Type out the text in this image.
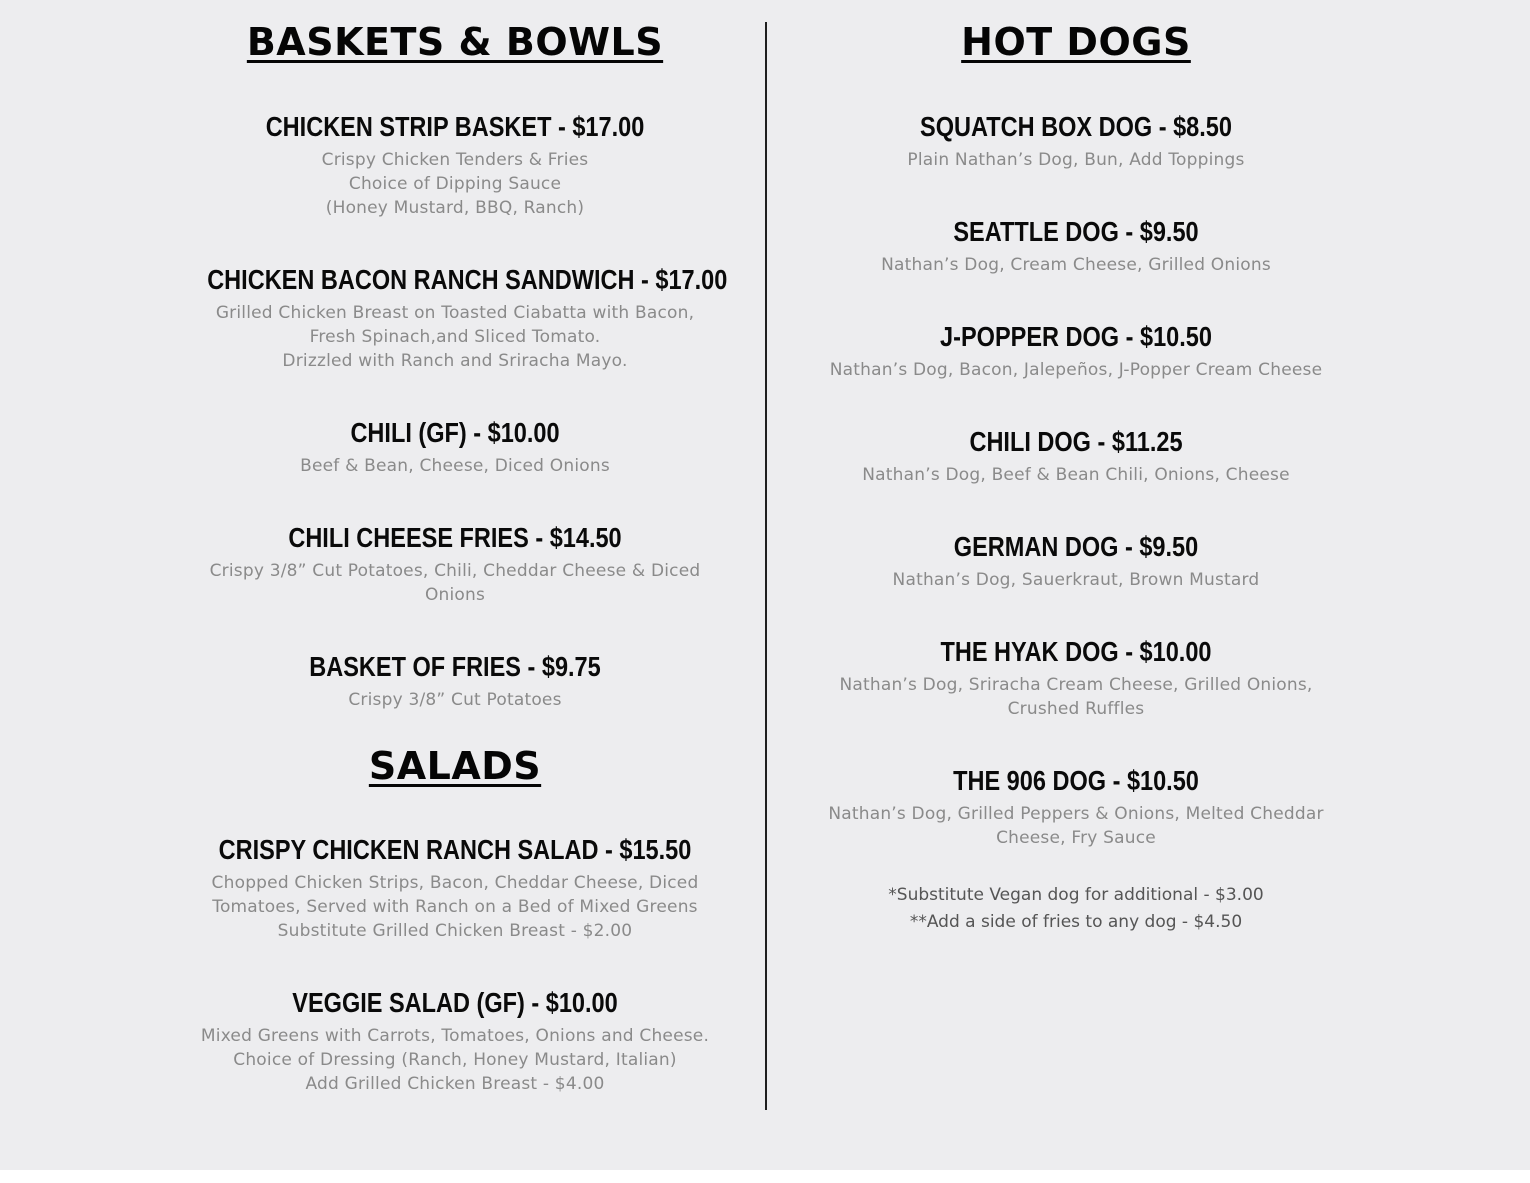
BASKETS & BOWLS

CHICKEN STRIP BASKET - $17.00

Crispy Chicken Tenders & Fries
Choice of Dipping Sauce
(Honey Mustard, BBQ, Ranch)

CHICKEN BACON RANCH SANDWICH - $17.00

Grilled Chicken Breast on Toasted Ciabatta with Bacon,
Fresh Spinach,and Sliced Tomato.
Drizzled with Ranch and Sriracha Mayo.

CHILI (GF) - $10.00

Beef & Bean, Cheese, Diced Onions

CHILI CHEESE FRIES - $14.50

Crispy 3/8” Cut Potatoes, Chili, Cheddar Cheese & Diced
Onions

BASKET OF FRIES - $9.75

Crispy 3/8” Cut Potatoes

SALADS

CRISPY CHICKEN RANCH SALAD - $15.50

Chopped Chicken Strips, Bacon, Cheddar Cheese, Diced
Tomatoes, Served with Ranch on a Bed of Mixed Greens
Substitute Grilled Chicken Breast - $2.00

VEGGIE SALAD (GF) - $10.00

Mixed Greens with Carrots, Tomatoes, Onions and Cheese.
Choice of Dressing (Ranch, Honey Mustard, Italian)
Add Grilled Chicken Breast - $4.00

HOT DOGS

SQUATCH BOX DOG - $8.50

Plain Nathan’s Dog, Bun, Add Toppings

SEATTLE DOG - $9.50

Nathan’s Dog, Cream Cheese, Grilled Onions

J-POPPER DOG - $10.50

Nathan’s Dog, Bacon, Jalepeños, J-Popper Cream Cheese

CHILI DOG - $11.25

Nathan’s Dog, Beef & Bean Chili, Onions, Cheese

GERMAN DOG - $9.50

Nathan’s Dog, Sauerkraut, Brown Mustard

THE HYAK DOG - $10.00

Nathan’s Dog, Sriracha Cream Cheese, Grilled Onions,
Crushed Ruffles

THE 906 DOG - $10.50

Nathan’s Dog, Grilled Peppers & Onions, Melted Cheddar
Cheese, Fry Sauce

*Substitute Vegan dog for additional - $3.00
**Add a side of fries to any dog - $4.50
